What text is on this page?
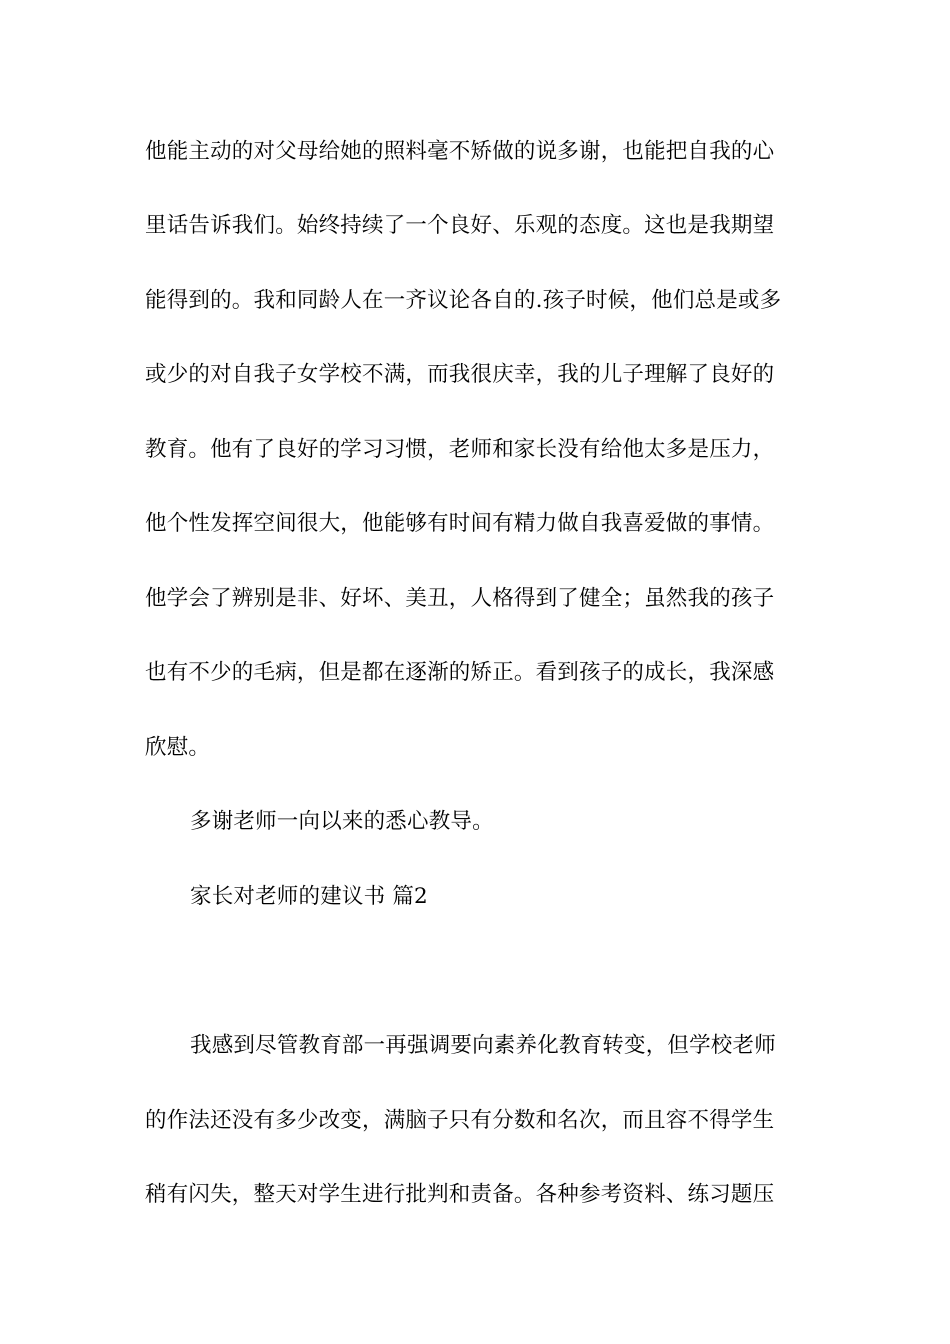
他能主动的对父母给她的照料毫不矫做的说多谢，也能把自我的心
里话告诉我们。始终持续了一个良好、乐观的态度。这也是我期望
能得到的。我和同龄人在一齐议论各自的.孩子时候，他们总是或多
或少的对自我子女学校不满，而我很庆幸，我的儿子理解了良好的
教育。他有了良好的学习习惯，老师和家长没有给他太多是压力，
他个性发挥空间很大，他能够有时间有精力做自我喜爱做的事情。
他学会了辨别是非、好坏、美丑，人格得到了健全；虽然我的孩子
也有不少的毛病，但是都在逐渐的矫正。看到孩子的成长，我深感
欣慰。
多谢老师一向以来的悉心教导。
家长对老师的建议书 篇2
我感到尽管教育部一再强调要向素养化教育转变，但学校老师
的作法还没有多少改变，满脑子只有分数和名次，而且容不得学生
稍有闪失，整天对学生进行批判和责备。各种参考资料、练习题压
